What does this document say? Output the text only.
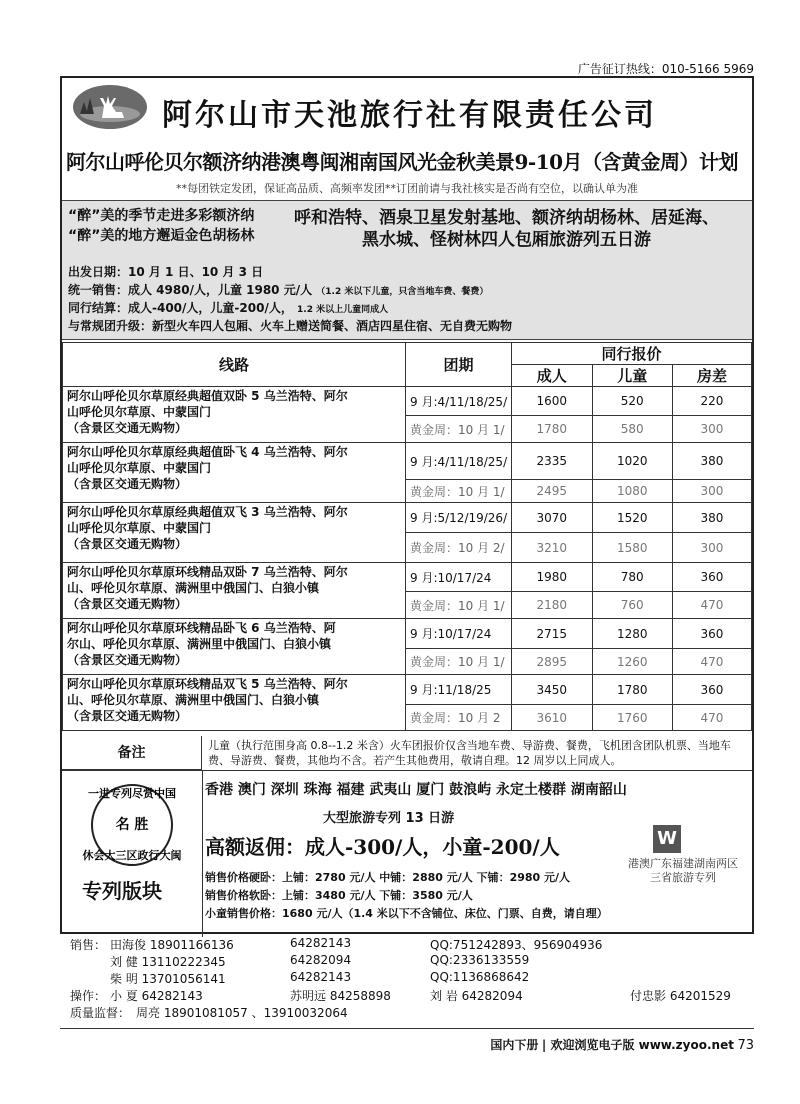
广告征订热线：010-5166 5969
阿尔山市天池旅行社有限责任公司
阿尔山呼伦贝尔额济纳港澳粤闽湘南国风光金秋美景9-10月（含黄金周）计划
**每团铁定发团，保证高品质、高频率发团**订团前请与我社核实是否尚有空位，以确认单为准
“醉”美的季节走进多彩额济纳
“醉”美的地方邂逅金色胡杨林
呼和浩特、酒泉卫星发射基地、额济纳胡杨林、居延海、
黑水城、怪树林四人包厢旅游列五日游
出发日期：10 月 1 日、10 月 3 日
统一销售：成人 4980/人，儿童 1980 元/人 （1.2 米以下儿童，只含当地车费、餐费）
同行结算：成人-400/人，儿童-200/人， 1.2 米以上儿童同成人
与常规团升级：新型火车四人包厢、火车上赠送简餐、酒店四星住宿、无自费无购物
线路	团期	同行报价		
		成人	儿童	房差

阿尔山呼伦贝尔草原经典超值双卧 5 乌兰浩特、阿尔
山呼伦贝尔草原、中蒙国门
（含景区交通无购物）	9 月:4/11/18/25/	1600	520	220
	黄金周：10 月 1/	1780	580	300

阿尔山呼伦贝尔草原经典超值卧飞 4 乌兰浩特、阿尔
山呼伦贝尔草原、中蒙国门
（含景区交通无购物）	9 月:4/11/18/25/	2335	1020	380
	黄金周：10 月 1/	2495	1080	300

阿尔山呼伦贝尔草原经典超值双飞 3 乌兰浩特、阿尔
山呼伦贝尔草原、中蒙国门
（含景区交通无购物）	9 月:5/12/19/26/	3070	1520	380
	黄金周：10 月 2/	3210	1580	300

阿尔山呼伦贝尔草原环线精品双卧 7 乌兰浩特、阿尔
山、呼伦贝尔草原、满洲里中俄国门、白狼小镇
（含景区交通无购物）	9 月:10/17/24	1980	780	360
	黄金周：10 月 1/	2180	760	470

阿尔山呼伦贝尔草原环线精品卧飞 6 乌兰浩特、阿
尔山、呼伦贝尔草原、满洲里中俄国门、白狼小镇
（含景区交通无购物）	9 月:10/17/24	2715	1280	360
	黄金周：10 月 1/	2895	1260	470

阿尔山呼伦贝尔草原环线精品双飞 5 乌兰浩特、阿尔
山、呼伦贝尔草原、满洲里中俄国门、白狼小镇
（含景区交通无购物）	9 月:11/18/25	3450	1780	360
	黄金周：10 月 2	3610	1760	470
备注	儿童（执行范围身高 0.8--1.2 米含）火车团报价仅含当地车费、导游费、餐费，飞机团含团队机票、当地车费、导游费、餐费，其他均不含。若产生其他费用，敬请自理。12 周岁以上同成人。
一进专列尽赏中国
名 胜
休会大三区政行大闽
专列版块
香港 澳门 深圳 珠海 福建 武夷山 厦门 鼓浪屿 永定土楼群 湖南韶山
大型旅游专列 13 日游
高额返佣：成人-300/人，小童-200/人
销售价格硬卧：上铺：2780 元/人 中铺：2880 元/人 下铺：2980 元/人
销售价格软卧：上铺：3480 元/人 下铺：3580 元/人
小童销售价格：1680 元/人（1.4 米以下不含铺位、床位、门票、自费，请自理）
W
港澳广东福建湖南两区三省旅游专列
销售： 田海俊 18901166136	64282143	QQ:751242893、956904936
刘 健 13110222345	64282094	QQ:2336133559
柴 明 13701056141	64282143	QQ:1136868642
操作： 小 夏 64282143	苏明远 84258898	刘 岩 64282094	付忠影 64201529
质量监督： 周亮 18901081057 、13910032064
国内下册 | 欢迎浏览电子版 www.zyoo.net 73
